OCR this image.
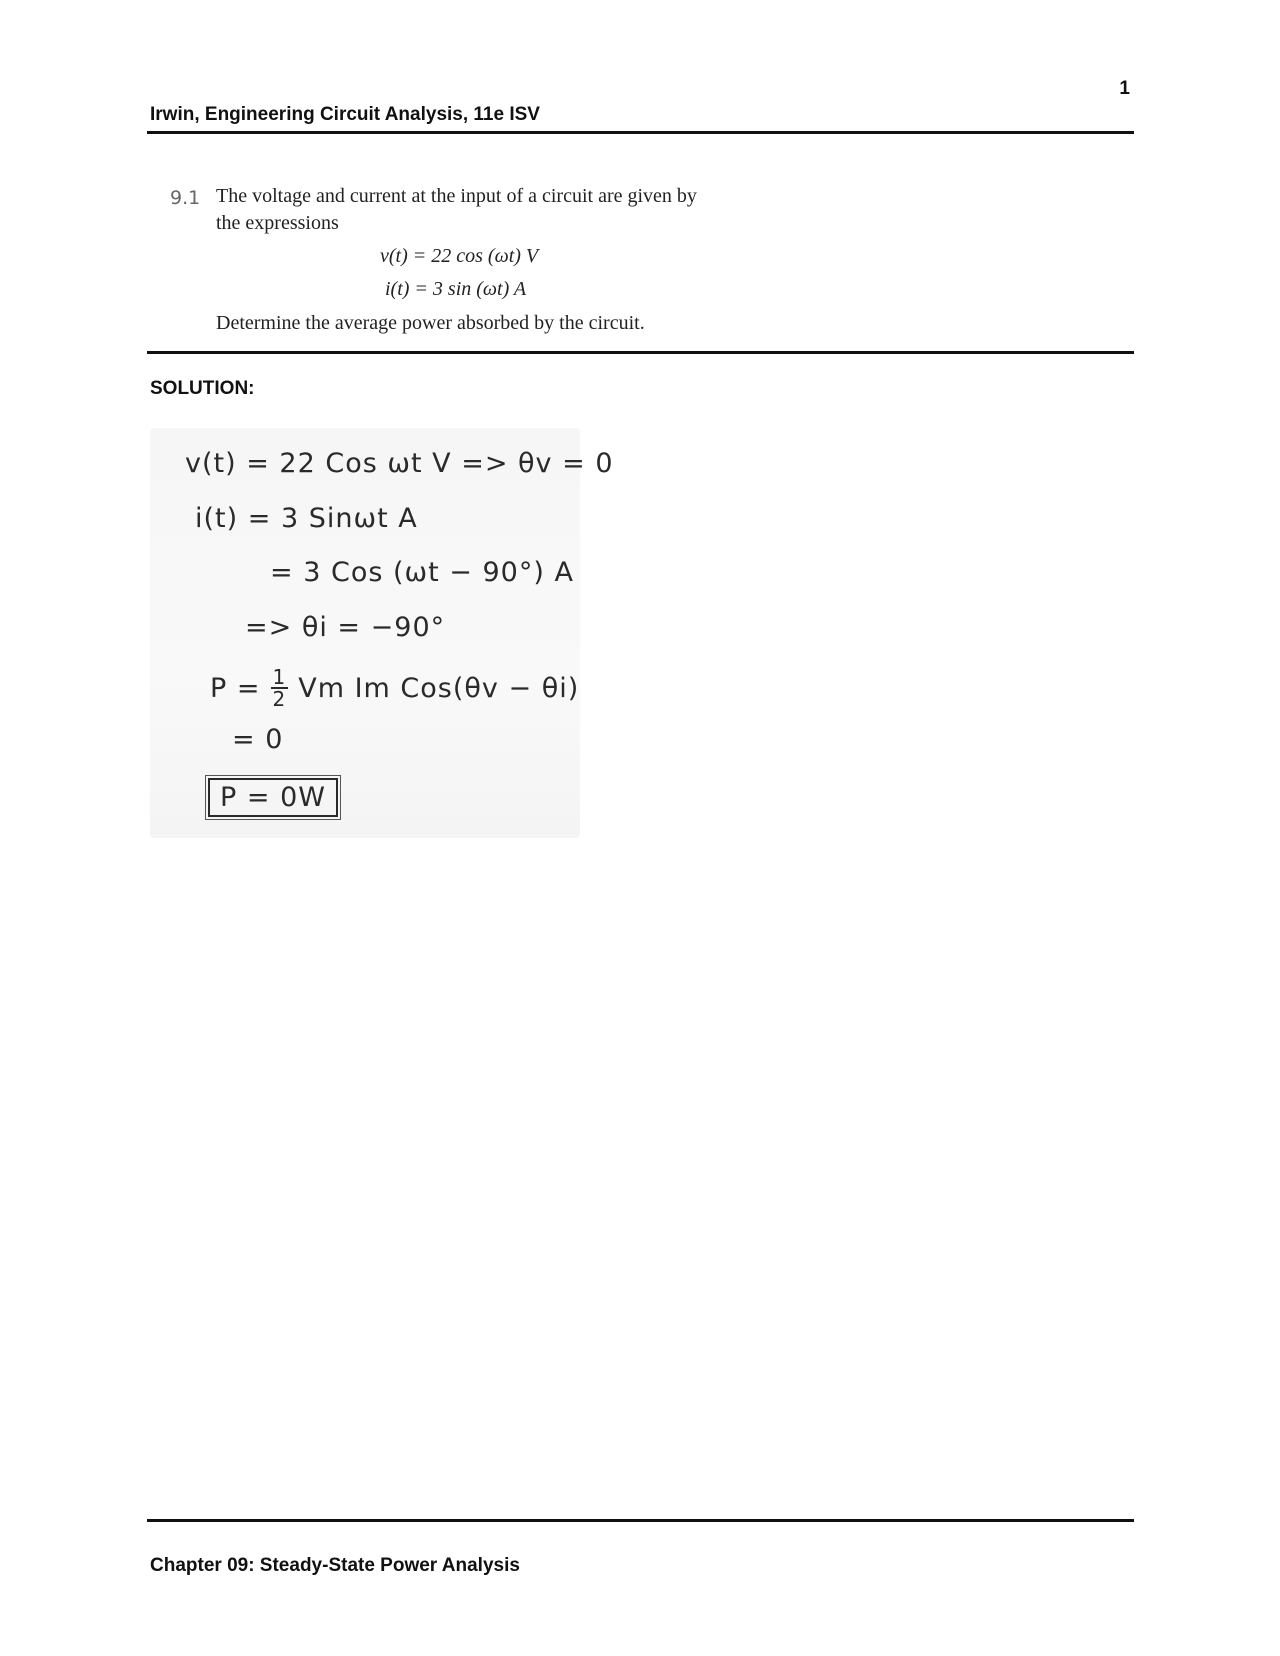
1
Irwin, Engineering Circuit Analysis, 11e ISV
9.1 The voltage and current at the input of a circuit are given by
the expressions
v(t) = 22 cos (ωt) V
i(t) = 3 sin (ωt) A
Determine the average power absorbed by the circuit.
SOLUTION:
v(t) = 22 Cos ωt V => θv = 0
i(t) = 3 Sinωt A
= 3 Cos (ωt − 90°) A
=> θi = −90°
$P = \frac{1}{2}$ Vm Im Cos(θv − θi)
= 0
P = 0W
Chapter 09: Steady-State Power Analysis
